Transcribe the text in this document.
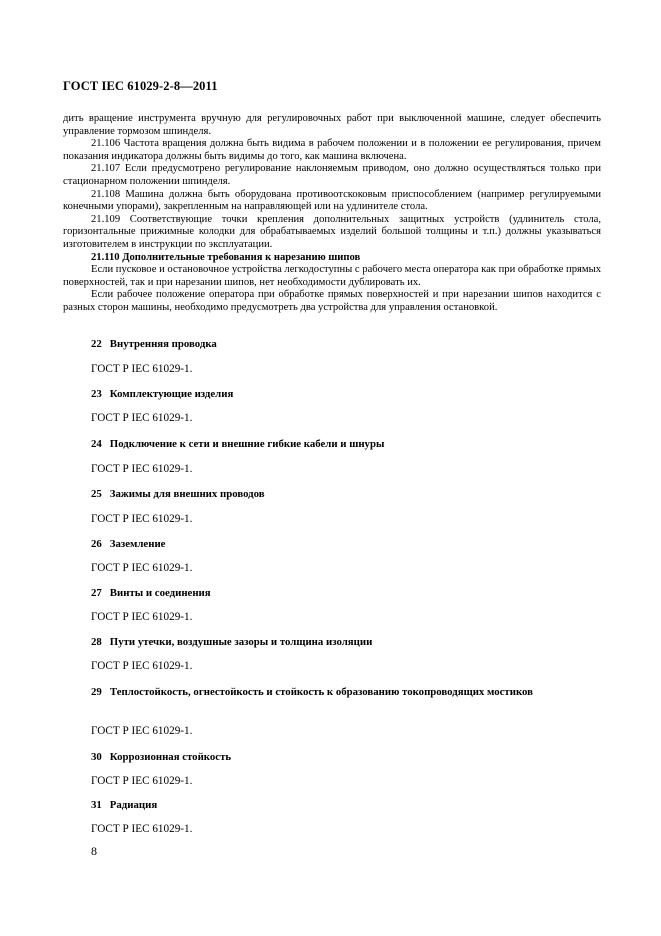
ГОСТ IEC 61029-2-8—2011

дить вращение инструмента вручную для регулировочных работ при выключенной машине, следует обеспечить управление тормозом шпинделя.

21.106 Частота вращения должна быть видима в рабочем положении и в положении ее регулирования, причем показания индикатора должны быть видимы до того, как машина включена.

21.107 Если предусмотрено регулирование наклоняемым приводом, оно должно осуществляться только при стационарном положении шпинделя.

21.108 Машина должна быть оборудована противоотскоковым приспособлением (например регулируемыми конечными упорами), закрепленным на направляющей или на удлинителе стола.

21.109 Соответствующие точки крепления дополнительных защитных устройств (удлинитель стола, горизонтальные прижимные колодки для обрабатываемых изделий большой толщины и т.п.) должны указываться изготовителем в инструкции по эксплуатации.

21.110 Дополнительные требования к нарезанию шипов

Если пусковое и остановочное устройства легкодоступны с рабочего места оператора как при обработке прямых поверхностей, так и при нарезании шипов, нет необходимости дублировать их.

Если рабочее положение оператора при обработке прямых поверхностей и при нарезании шипов находится с разных сторон машины, необходимо предусмотреть два устройства для управления остановкой.

22 Внутренняя проводка
ГОСТ Р IEC 61029-1.
23 Комплектующие изделия
ГОСТ Р IEC 61029-1.
24 Подключение к сети и внешние гибкие кабели и шнуры
ГОСТ Р IEC 61029-1.
25 Зажимы для внешних проводов
ГОСТ Р IEC 61029-1.
26 Заземление
ГОСТ Р IEC 61029-1.
27 Винты и соединения
ГОСТ Р IEC 61029-1.
28 Пути утечки, воздушные зазоры и толщина изоляции
ГОСТ Р IEC 61029-1.
29 Теплостойкость, огнестойкость и стойкость к образованию токопроводящих мостиков
ГОСТ Р IEC 61029-1.
30 Коррозионная стойкость
ГОСТ Р IEC 61029-1.
31 Радиация
ГОСТ Р IEC 61029-1.
8
